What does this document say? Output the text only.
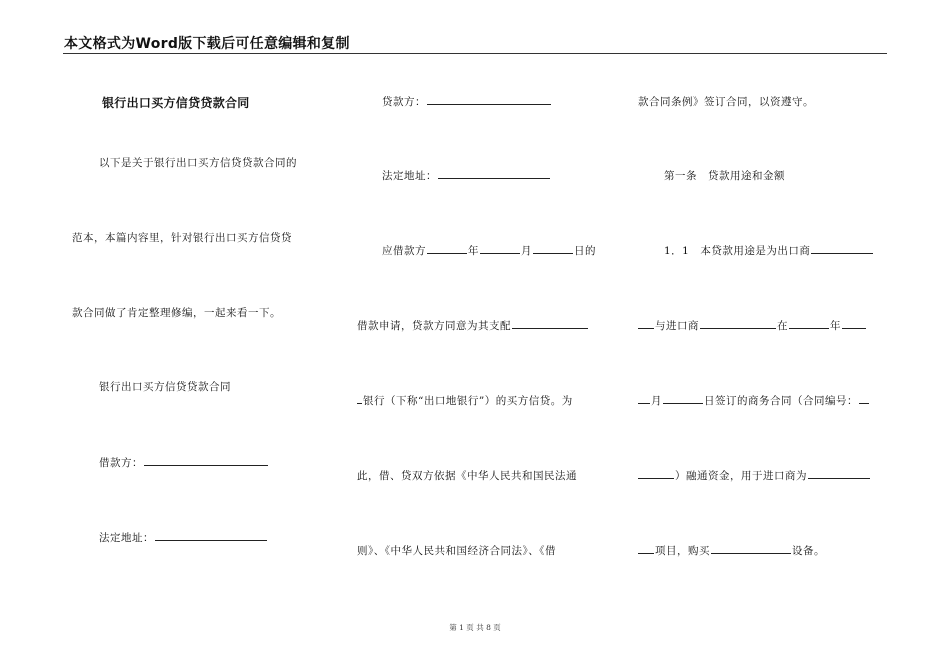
本文格式为Word版下载后可任意编辑和复制
银行出口买方信贷贷款合同
以下是关于银行出口买方信贷贷款合同的
范本，本篇内容里，针对银行出口买方信贷贷
款合同做了肯定整理修编，一起来看一下。
银行出口买方信贷贷款合同
借款方：
法定地址：
贷款方：
法定地址：
应借款方	年	月	日的
借款申请，贷款方同意为其支配
银行（下称“出口地银行”）的买方信贷。为
此，借、贷双方依据《中华人民共和国民法通
则》、《中华人民共和国经济合同法》、《借
款合同条例》签订合同，以资遵守。
第一条　贷款用途和金额
1．1　本贷款用途是为出口商
与进口商	在	年
月	日签订的商务合同（合同编号：
）融通资金，用于进口商为
项目，购买	设备。
第 1 页 共 8 页
